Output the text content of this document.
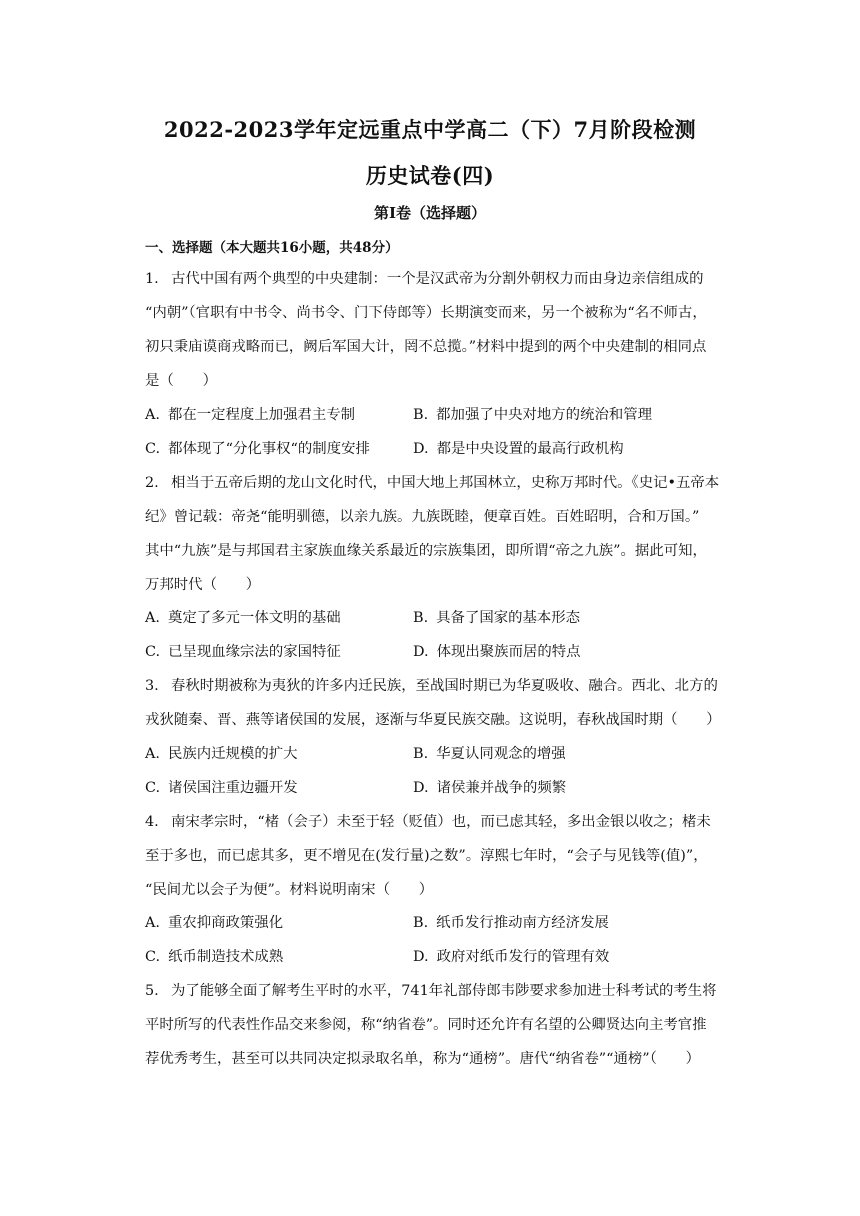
2022-2023学年定远重点中学高二（下）7月阶段检测
历史试卷(四)
第I卷（选择题）
一、选择题（本大题共16小题，共48分）
1. 古代中国有两个典型的中央建制：一个是汉武帝为分割外朝权力而由身边亲信组成的
“内朝”（官职有中书令、尚书令、门下侍郎等）长期演变而来，另一个被称为“名不师古，
初只秉庙谟商戎略而已，阙后军国大计，罔不总揽。”材料中提到的两个中央建制的相同点
是（　　）
A. 都在一定程度上加强君主专制	B. 都加强了中央对地方的统治和管理
C. 都体现了“分化事权“的制度安排	D. 都是中央设置的最高行政机构
2. 相当于五帝后期的龙山文化时代，中国大地上邦国林立，史称万邦时代。《史记•五帝本
纪》曾记载：帝尧“能明驯德，以亲九族。九族既睦，便章百姓。百姓昭明，合和万国。”
其中“九族”是与邦国君主家族血缘关系最近的宗族集团，即所谓“帝之九族”。据此可知，
万邦时代（　　）
A. 奠定了多元一体文明的基础	B. 具备了国家的基本形态
C. 已呈现血缘宗法的家国特征	D. 体现出聚族而居的特点
3. 春秋时期被称为夷狄的许多内迁民族，至战国时期已为华夏吸收、融合。西北、北方的
戎狄随秦、晋、燕等诸侯国的发展，逐渐与华夏民族交融。这说明，春秋战国时期（　　）
A. 民族内迁规模的扩大	B. 华夏认同观念的增强
C. 诸侯国注重边疆开发	D. 诸侯兼并战争的频繁
4. 南宋孝宗时，“楮（会子）未至于轻（贬值）也，而已虑其轻，多出金银以收之；楮未
至于多也，而已虑其多，更不增见在(发行量)之数”。淳熙七年时，“会子与见钱等(值)”，
“民间尤以会子为便”。材料说明南宋（　　）
A. 重农抑商政策强化	B. 纸币发行推动南方经济发展
C. 纸币制造技术成熟	D. 政府对纸币发行的管理有效
5. 为了能够全面了解考生平时的水平，741年礼部侍郎韦陟要求参加进士科考试的考生将
平时所写的代表性作品交来参阅，称“纳省卷”。同时还允许有名望的公卿贤达向主考官推
荐优秀考生，甚至可以共同决定拟录取名单，称为“通榜”。唐代“纳省卷”“通榜”（　　）
